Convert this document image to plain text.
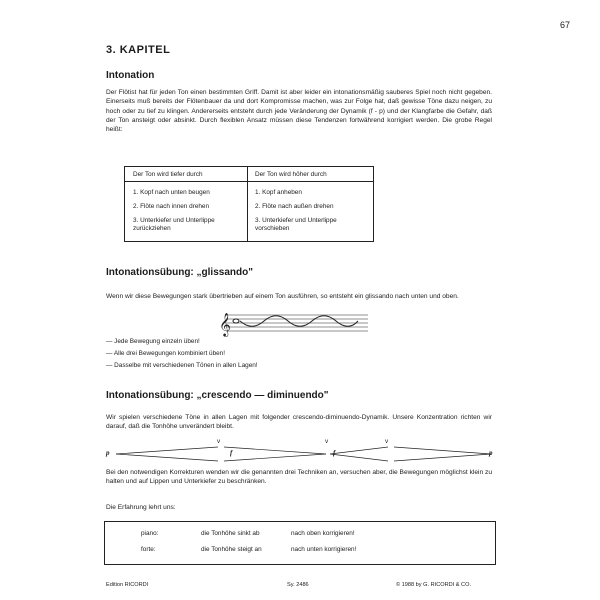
67
3. KAPITEL
Intonation
Der Flötist hat für jeden Ton einen bestimmten Griff. Damit ist aber leider ein intonationsmäßig sauberes Spiel noch nicht gegeben. Einerseits muß bereits der Flötenbauer da und dort Kompromisse machen, was zur Folge hat, daß gewisse Töne dazu neigen, zu hoch oder zu tief zu klingen. Andererseits entsteht durch jede Veränderung der Dynamik (f - p) und der Klangfarbe die Gefahr, daß der Ton ansteigt oder absinkt. Durch flexiblen Ansatz müssen diese Tendenzen fortwährend korrigiert werden. Die grobe Regel heißt:
Der Ton wird tiefer durch	Der Ton wird höher durch
1. Kopf nach unten beugen
2. Flöte nach innen drehen
3. Unterkiefer und Unterlippe zurückziehen
1. Kopf anheben
2. Flöte nach außen drehen
3. Unterkiefer und Unterlippe vorschieben
Intonationsübung: „glissando"
Wenn wir diese Bewegungen stark übertrieben auf einem Ton ausführen, so entsteht ein glissando nach unten und oben.
𝄞
— Jede Bewegung einzeln üben!
— Alle drei Bewegungen kombiniert üben!
— Dasselbe mit verschiedenen Tönen in allen Lagen!
Intonationsübung: „crescendo — diminuendo"
Wir spielen verschiedene Töne in allen Lagen mit folgender crescendo-diminuendo-Dynamik. Unsere Konzentration richten wir darauf, daß die Tonhöhe unverändert bleibt.
p
v
f
v
f
v
p
Bei den notwendigen Korrekturen wenden wir die genannten drei Techniken an, versuchen aber, die Bewegungen möglichst klein zu halten und auf Lippen und Unterkiefer zu beschränken.
Die Erfahrung lehrt uns:
piano:	die Tonhöhe sinkt ab	nach oben korrigieren!
forte:	die Tonhöhe steigt an	nach unten korrigieren!
Edition RICORDI	Sy. 2486	© 1988 by G. RICORDI & CO.
